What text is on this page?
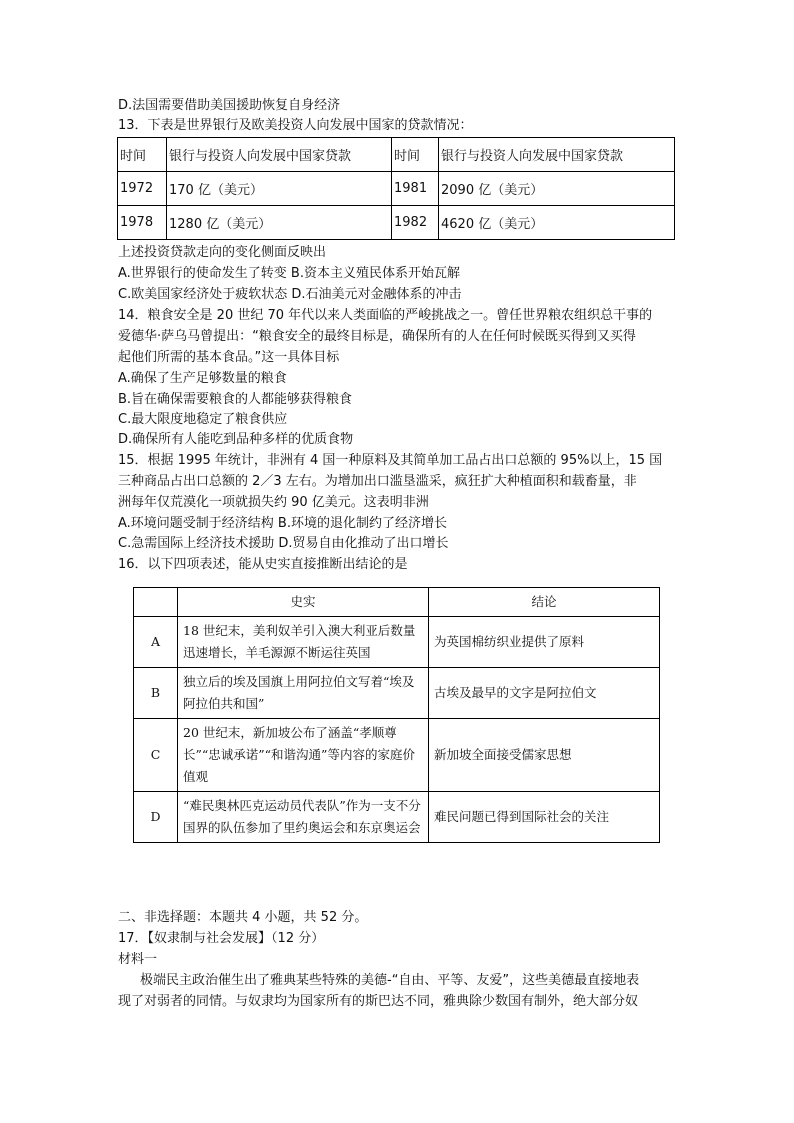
D.法国需要借助美国援助恢复自身经济
13．下表是世界银行及欧美投资人向发展中国家的贷款情况：
时间	银行与投资人向发展中国家贷款	时间	银行与投资人向发展中国家贷款
1972	170 亿（美元）	1981	2090 亿（美元）
1978	1280 亿（美元）	1982	4620 亿（美元）
上述投资贷款走向的变化侧面反映出
A.世界银行的使命发生了转变 B.资本主义殖民体系开始瓦解
C.欧美国家经济处于疲软状态 D.石油美元对金融体系的冲击
14．粮食安全是 20 世纪 70 年代以来人类面临的严峻挑战之一。曾任世界粮农组织总干事的
爱德华·萨乌马曾提出：“粮食安全的最终目标是，确保所有的人在任何时候既买得到又买得
起他们所需的基本食品。”这一具体目标
A.确保了生产足够数量的粮食
B.旨在确保需要粮食的人都能够获得粮食
C.最大限度地稳定了粮食供应
D.确保所有人能吃到品种多样的优质食物
15．根据 1995 年统计，非洲有 4 国一种原料及其简单加工品占出口总额的 95%以上，15 国
三种商品占出口总额的 2／3 左右。为增加出口滥垦滥采，疯狂扩大种植面积和载畜量，非
洲每年仅荒漠化一项就损失约 90 亿美元。这表明非洲
A.环境问题受制于经济结构 B.环境的退化制约了经济增长
C.急需国际上经济技术援助 D.贸易自由化推动了出口增长
16．以下四项表述，能从史实直接推断出结论的是
	史实	结论
A	18 世纪末，美利奴羊引入澳大利亚后数量迅速增长，羊毛源源不断运往英国	为英国棉纺织业提供了原料
B	独立后的埃及国旗上用阿拉伯文写着“埃及阿拉伯共和国”	古埃及最早的文字是阿拉伯文
C	20 世纪末，新加坡公布了涵盖“孝顺尊长”“忠诚承诺”“和谐沟通”等内容的家庭价值观	新加坡全面接受儒家思想
D	“难民奥林匹克运动员代表队”作为一支不分国界的队伍参加了里约奥运会和东京奥运会	难民问题已得到国际社会的关注
二、非选择题：本题共 4 小题，共 52 分。
17．【奴隶制与社会发展】（12 分）
材料一
极端民主政治催生出了雅典某些特殊的美德-“自由、平等、友爱”，这些美德最直接地表
现了对弱者的同情。与奴隶均为国家所有的斯巴达不同，雅典除少数国有制外，绝大部分奴
